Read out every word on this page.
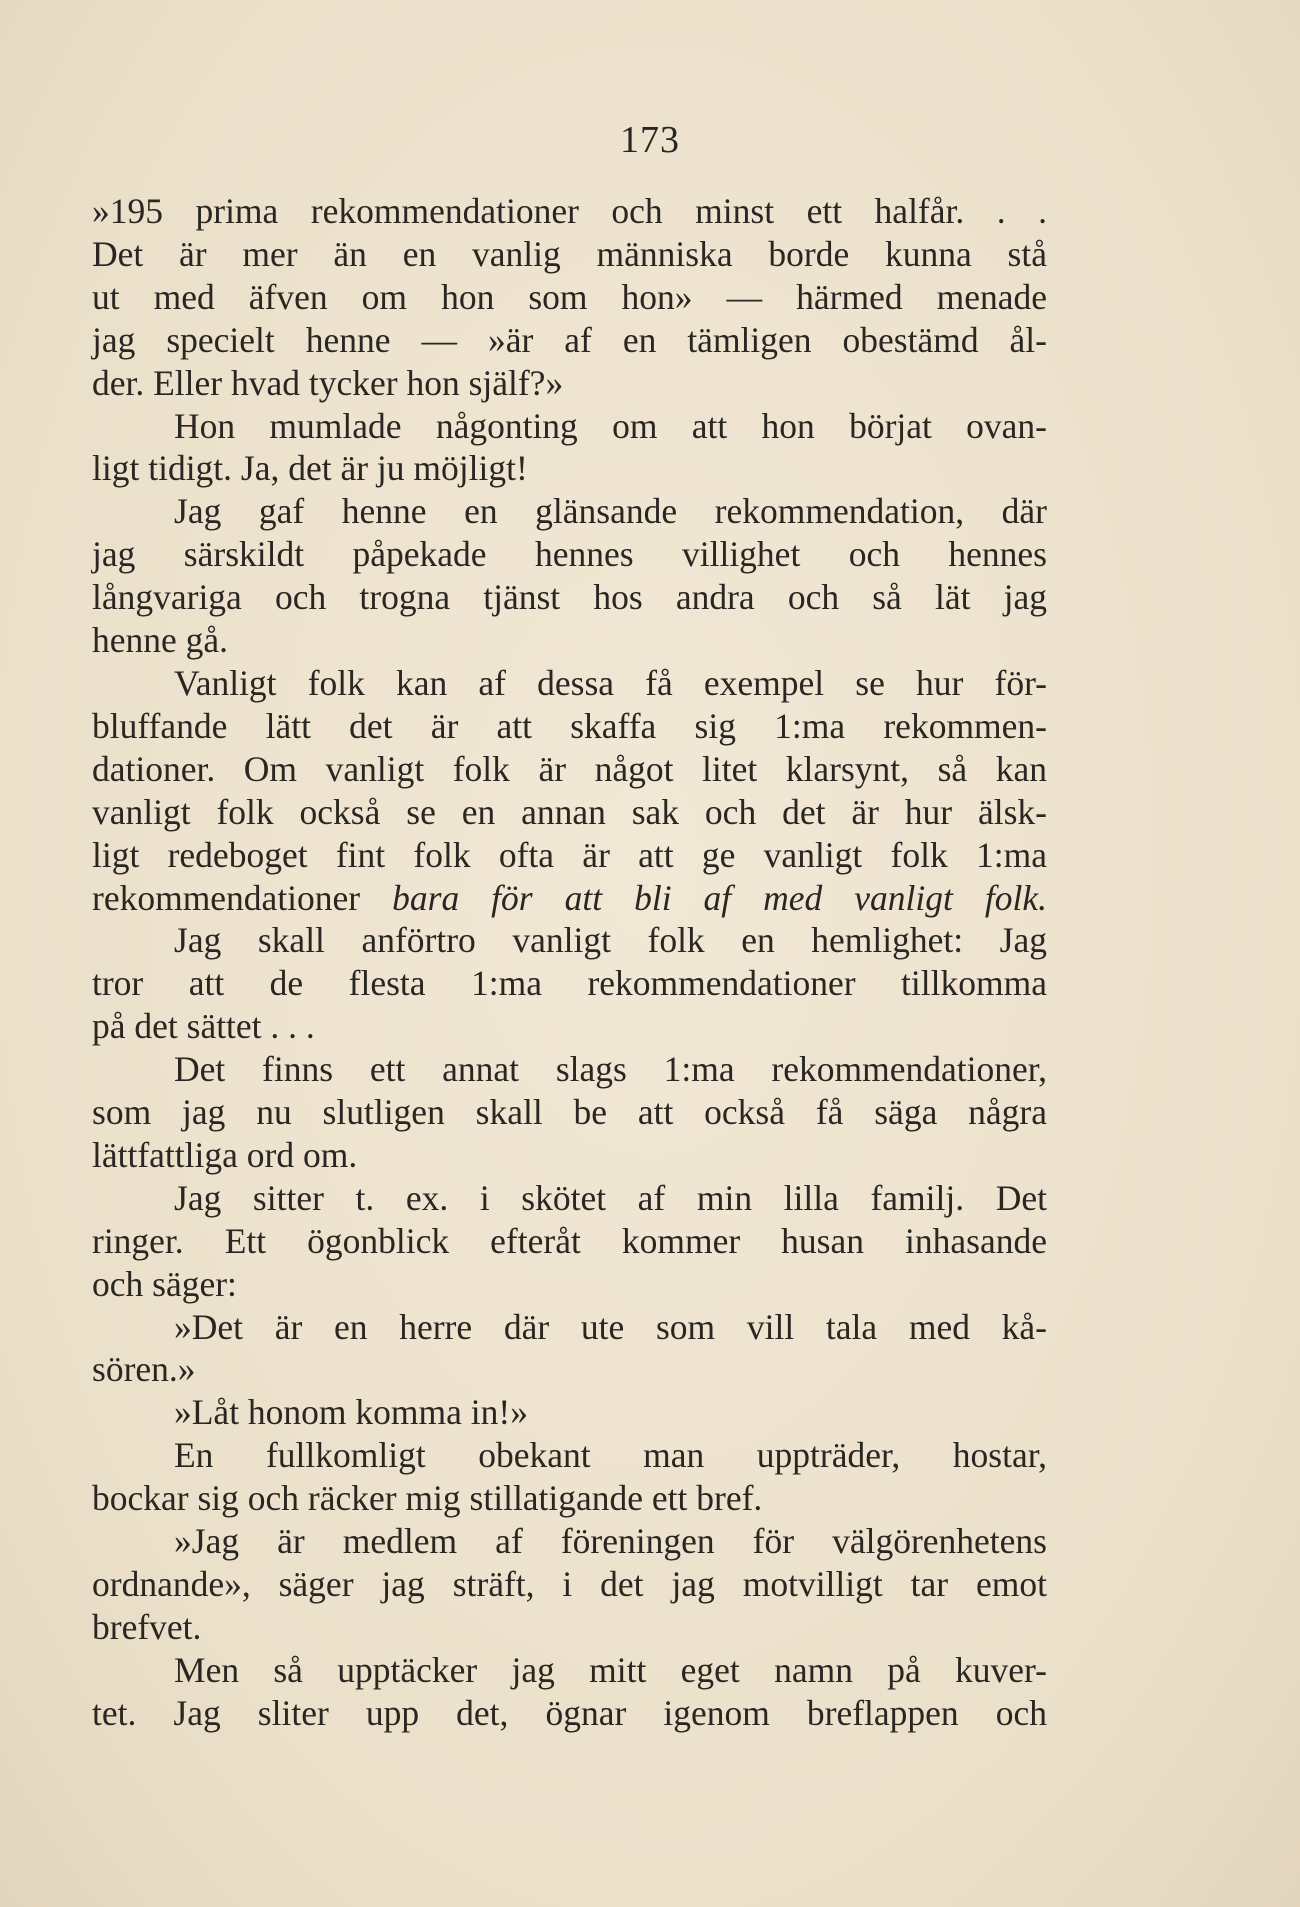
173
»195 prima rekommendationer och minst ett halfår. . .
Det är mer än en vanlig människa borde kunna stå
ut med äfven om hon som hon» — härmed menade
jag specielt henne — »är af en tämligen obestämd ål-
der. Eller hvad tycker hon själf?»
Hon mumlade någonting om att hon börjat ovan-
ligt tidigt. Ja, det är ju möjligt!
Jag gaf henne en glänsande rekommendation, där
jag särskildt påpekade hennes villighet och hennes
långvariga och trogna tjänst hos andra och så lät jag
henne gå.
Vanligt folk kan af dessa få exempel se hur för-
bluffande lätt det är att skaffa sig 1:ma rekommen-
dationer. Om vanligt folk är något litet klarsynt, så kan
vanligt folk också se en annan sak och det är hur älsk-
ligt redeboget fint folk ofta är att ge vanligt folk 1:ma
rekommendationer bara för att bli af med vanligt folk.
Jag skall anförtro vanligt folk en hemlighet: Jag
tror att de flesta 1:ma rekommendationer tillkomma
på det sättet . . .
Det finns ett annat slags 1:ma rekommendationer,
som jag nu slutligen skall be att också få säga några
lättfattliga ord om.
Jag sitter t. ex. i skötet af min lilla familj. Det
ringer. Ett ögonblick efteråt kommer husan inhasande
och säger:
»Det är en herre där ute som vill tala med kå-
sören.»
»Låt honom komma in!»
En fullkomligt obekant man uppträder, hostar,
bockar sig och räcker mig stillatigande ett bref.
»Jag är medlem af föreningen för välgörenhetens
ordnande», säger jag sträft, i det jag motvilligt tar emot
brefvet.
Men så upptäcker jag mitt eget namn på kuver-
tet. Jag sliter upp det, ögnar igenom breflappen och
